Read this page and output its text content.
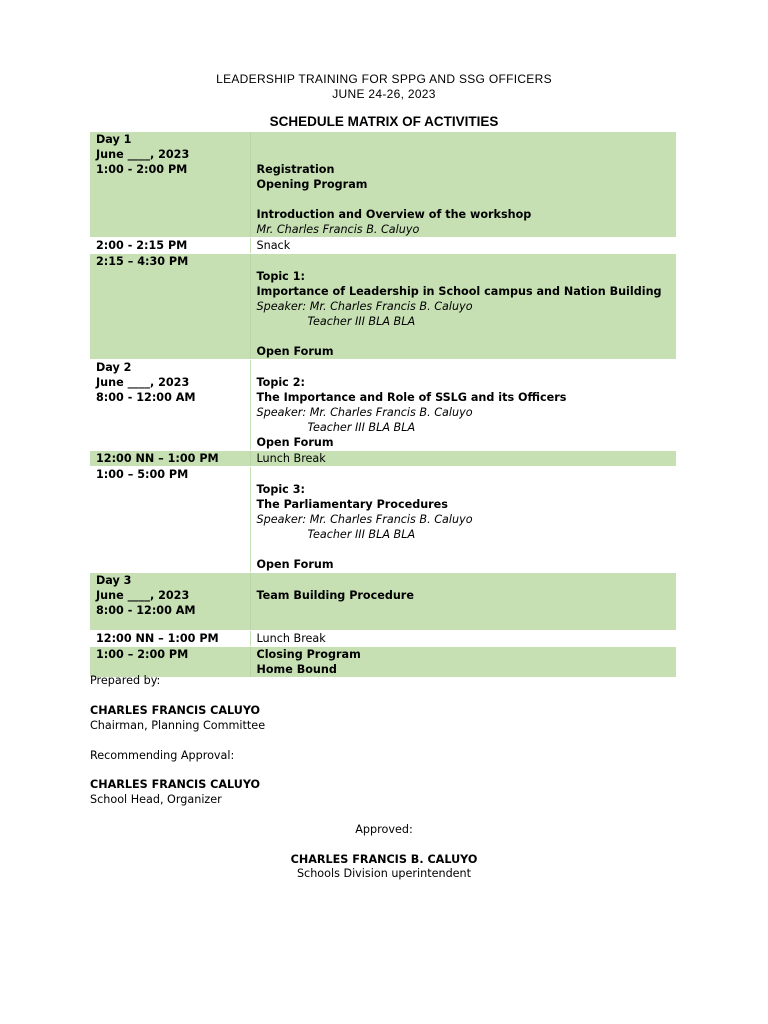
LEADERSHIP TRAINING FOR SPPG AND SSG OFFICERS
JUNE 24-26, 2023
SCHEDULE MATRIX OF ACTIVITIES
Day 1
June ____, 2023
1:00 - 2:00 PM	Registration
Opening Program
Introduction and Overview of the workshop
Mr. Charles Francis B. Caluyo

2:00 - 2:15 PM	Snack

2:15 – 4:30 PM	Topic 1:
Importance of Leadership in School campus and Nation Building
Speaker: Mr. Charles Francis B. Caluyo
Teacher III BLA BLA
Open Forum

Day 2
June ____, 2023
8:00 - 12:00 AM	Topic 2:
The Importance and Role of SSLG and its Officers
Speaker: Mr. Charles Francis B. Caluyo
Teacher III BLA BLA
Open Forum

12:00 NN – 1:00 PM	Lunch Break

1:00 – 5:00 PM	Topic 3:
The Parliamentary Procedures
Speaker: Mr. Charles Francis B. Caluyo
Teacher III BLA BLA
Open Forum

Day 3
June ____, 2023
8:00 - 12:00 AM	Team Building Procedure

12:00 NN – 1:00 PM	Lunch Break

1:00 – 2:00 PM	Closing Program
Home Bound
Prepared by:
CHARLES FRANCIS CALUYO
Chairman, Planning Committee
Recommending Approval:
CHARLES FRANCIS CALUYO
School Head, Organizer
Approved:
CHARLES FRANCIS B. CALUYO
Schools Division uperintendent
